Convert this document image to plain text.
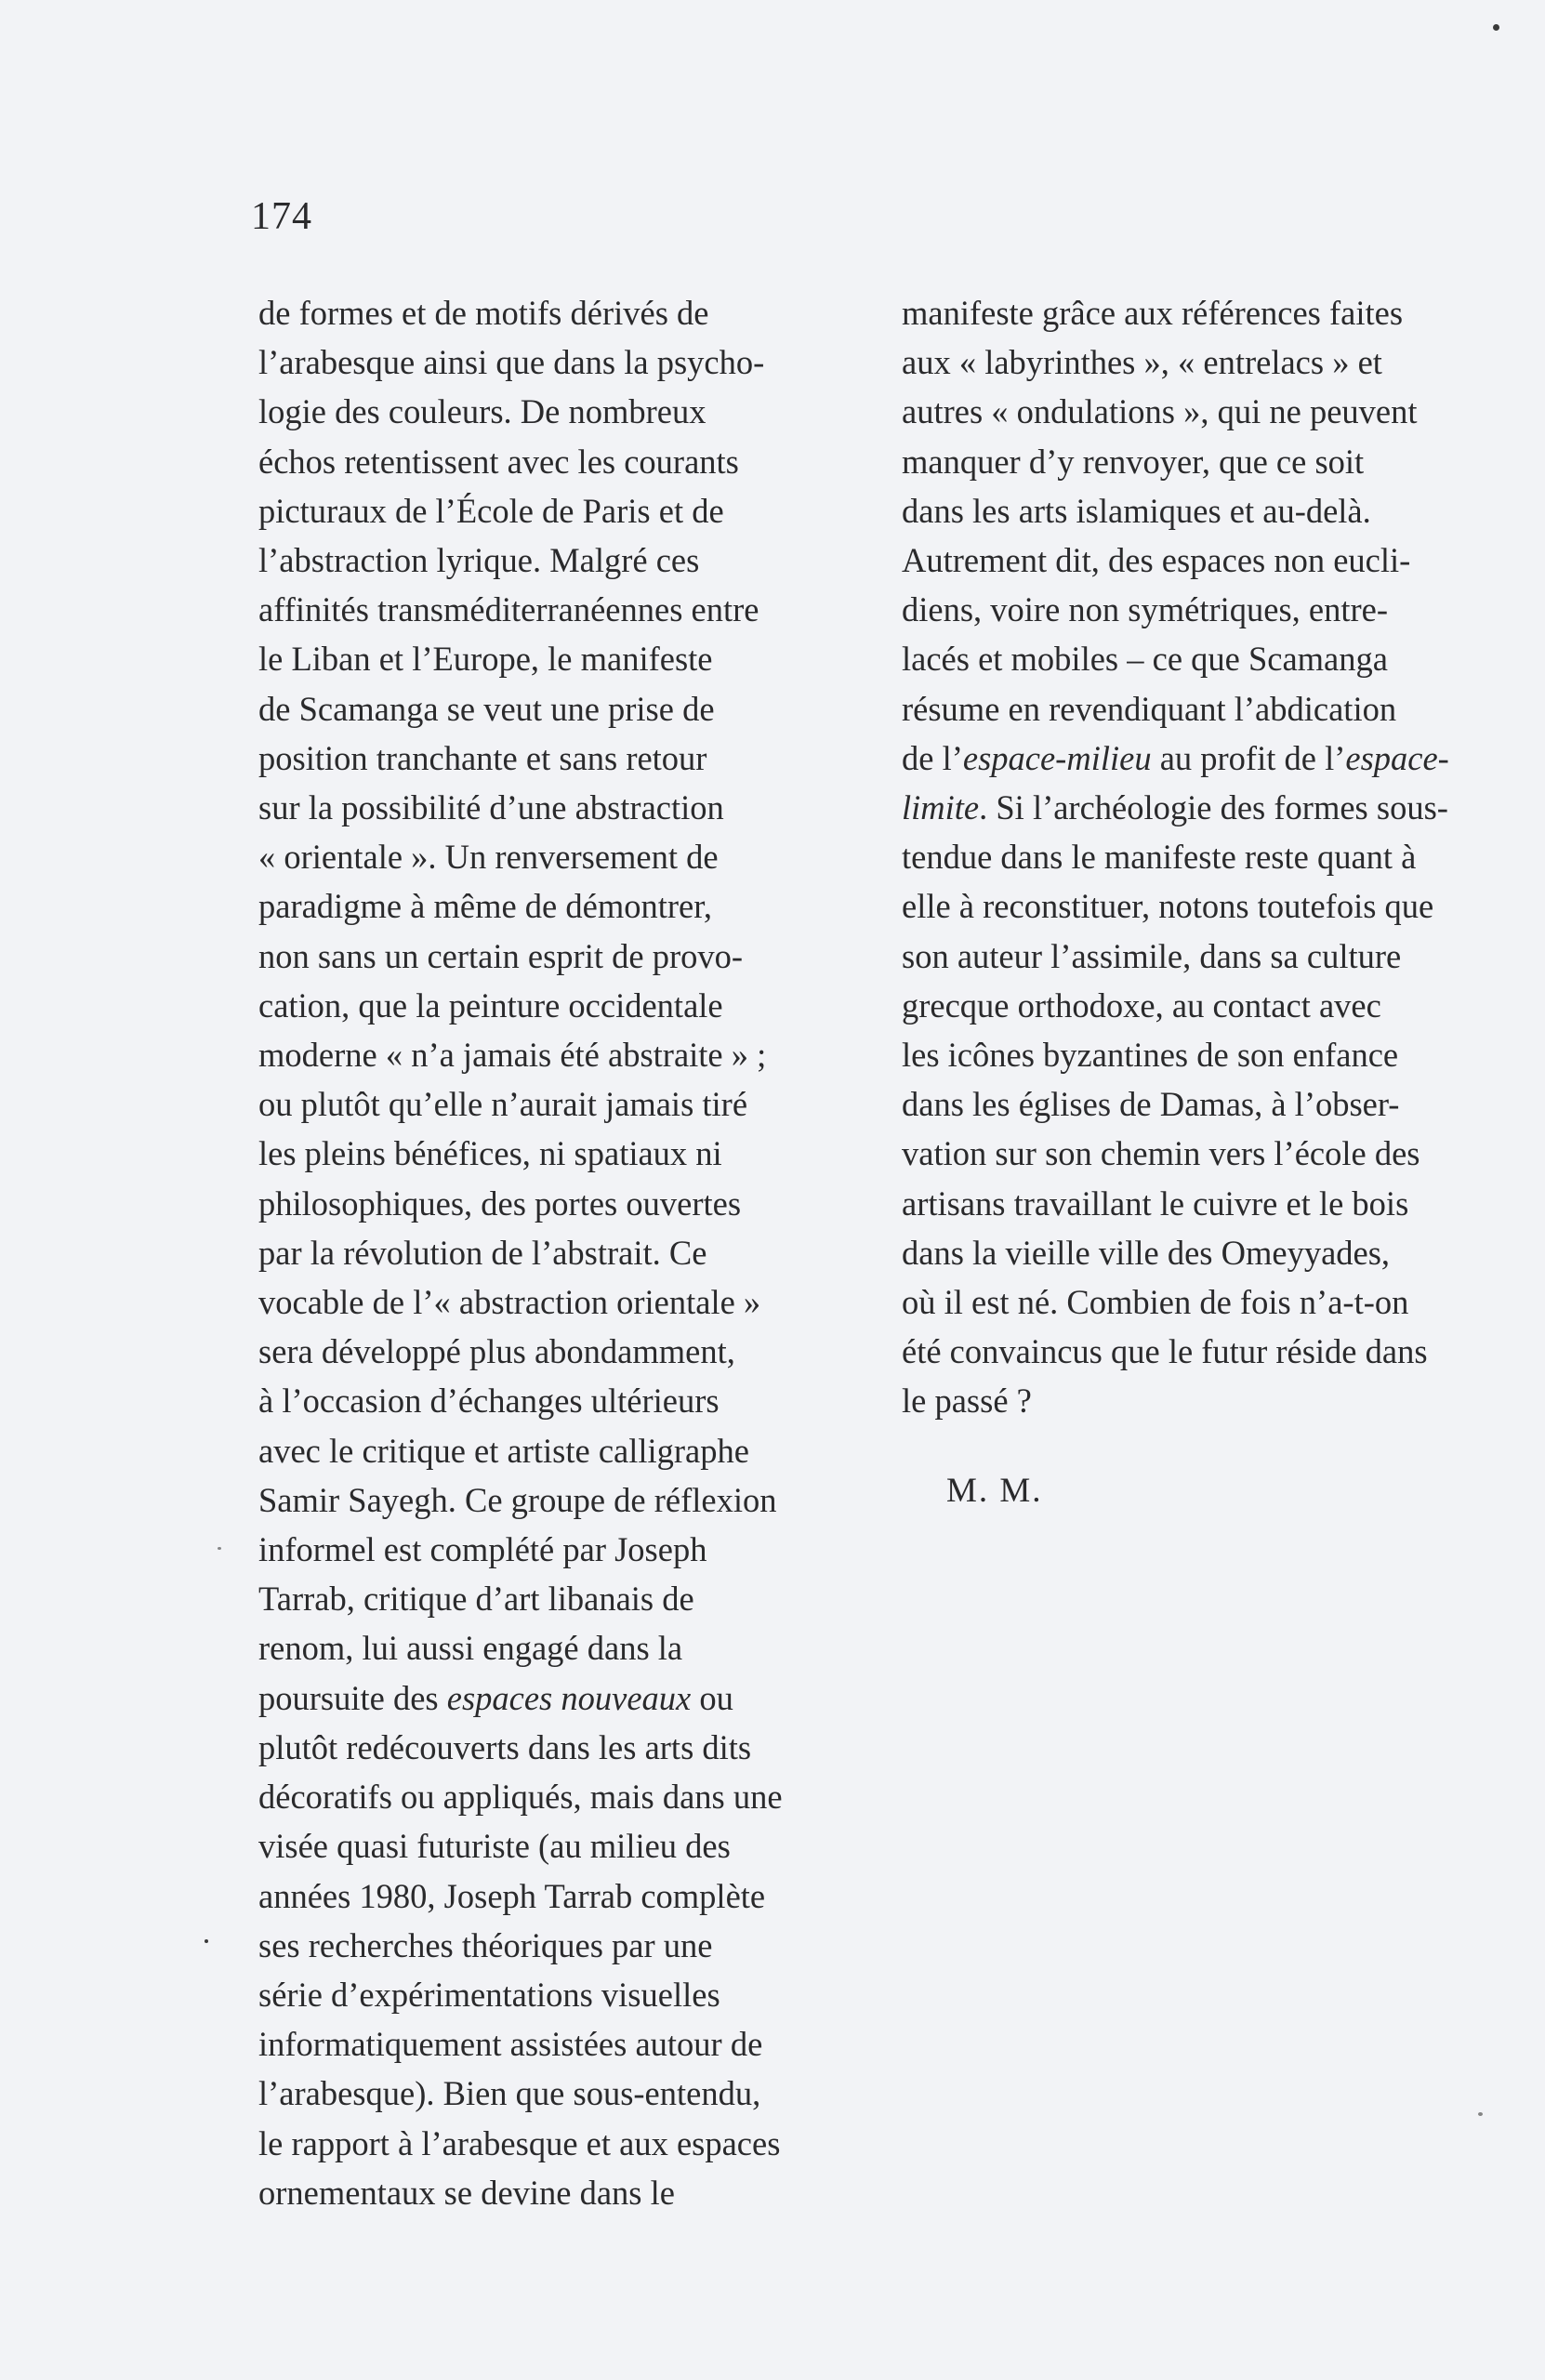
174
de formes et de motifs dérivés de
l’arabesque ainsi que dans la psycho-
logie des couleurs. De nombreux
échos retentissent avec les courants
picturaux de l’École de Paris et de
l’abstraction lyrique. Malgré ces
affinités transméditerranéennes entre
le Liban et l’Europe, le manifeste
de Scamanga se veut une prise de
position tranchante et sans retour
sur la possibilité d’une abstraction
« orientale ». Un renversement de
paradigme à même de démontrer,
non sans un certain esprit de provo-
cation, que la peinture occidentale
moderne « n’a jamais été abstraite » ;
ou plutôt qu’elle n’aurait jamais tiré
les pleins bénéfices, ni spatiaux ni
philosophiques, des portes ouvertes
par la révolution de l’abstrait. Ce
vocable de l’« abstraction orientale »
sera développé plus abondamment,
à l’occasion d’échanges ultérieurs
avec le critique et artiste calligraphe
Samir Sayegh. Ce groupe de réflexion
informel est complété par Joseph
Tarrab, critique d’art libanais de
renom, lui aussi engagé dans la
poursuite des espaces nouveaux ou
plutôt redécouverts dans les arts dits
décoratifs ou appliqués, mais dans une
visée quasi futuriste (au milieu des
années 1980, Joseph Tarrab complète
ses recherches théoriques par une
série d’expérimentations visuelles
informatiquement assistées autour de
l’arabesque). Bien que sous-entendu,
le rapport à l’arabesque et aux espaces
ornementaux se devine dans le
manifeste grâce aux références faites
aux « labyrinthes », « entrelacs » et
autres « ondulations », qui ne peuvent
manquer d’y renvoyer, que ce soit
dans les arts islamiques et au-delà.
Autrement dit, des espaces non eucli-
diens, voire non symétriques, entre-
lacés et mobiles – ce que Scamanga
résume en revendiquant l’abdication
de l’espace-milieu au profit de l’espace-
limite. Si l’archéologie des formes sous-
tendue dans le manifeste reste quant à
elle à reconstituer, notons toutefois que
son auteur l’assimile, dans sa culture
grecque orthodoxe, au contact avec
les icônes byzantines de son enfance
dans les églises de Damas, à l’obser-
vation sur son chemin vers l’école des
artisans travaillant le cuivre et le bois
dans la vieille ville des Omeyyades,
où il est né. Combien de fois n’a-t-on
été convaincus que le futur réside dans
le passé ?
M. M.
